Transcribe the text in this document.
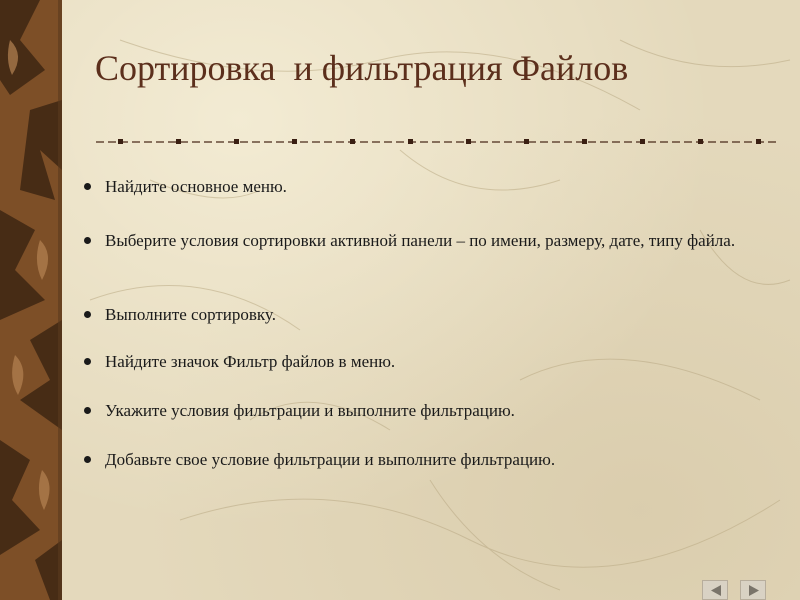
Сортировка  и фильтрация Файлов
Найдите основное меню.
Выберите условия сортировки активной панели – по имени, размеру, дате, типу файла.
Выполните сортировку.
Найдите значок Фильтр файлов в меню.
Укажите условия фильтрации и выполните фильтрацию.
Добавьте свое условие фильтрации и выполните фильтрацию.
